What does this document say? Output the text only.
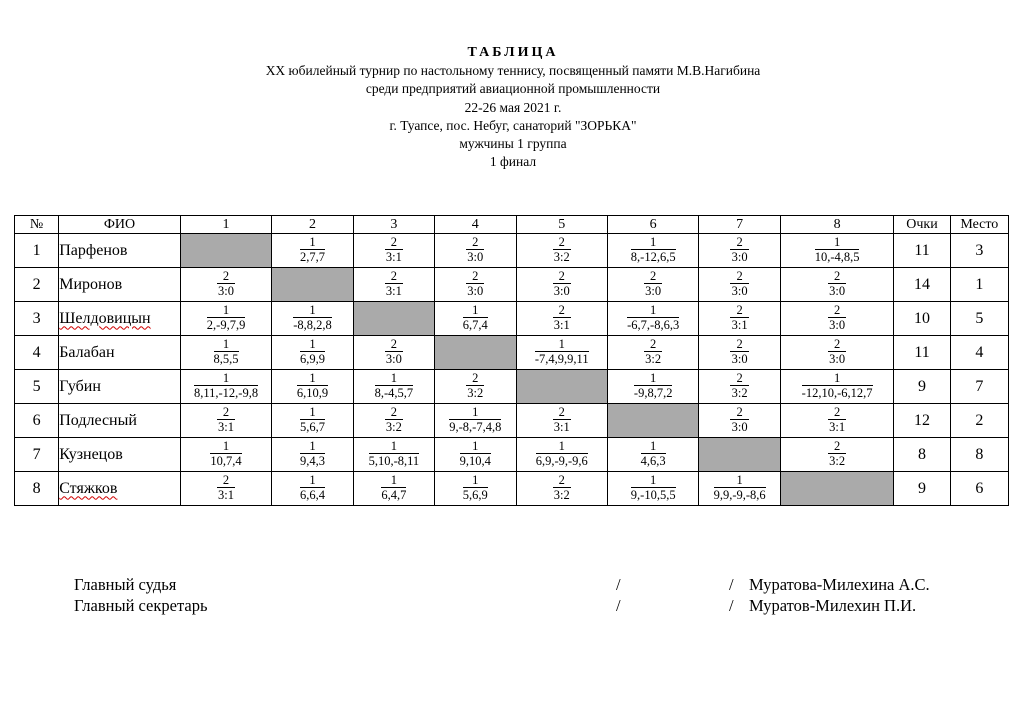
ТАБЛИЦА
XX юбилейный турнир по настольному теннису, посвященный памяти М.В.Нагибина
среди предприятий авиационной промышленности
22-26 мая 2021 г.
г. Туапсе, пос. Небуг, санаторий "ЗОРЬКА"
мужчины 1 группа
1 финал
№	ФИО	1	2	3	4	5	6	7	8	Очки	Место
1	Парфенов		$\frac{1}{2,7,7}$	$\frac{2}{3:1}$	$\frac{2}{3:0}$	$\frac{2}{3:2}$	$\frac{1}{8,-12,6,5}$	$\frac{2}{3:0}$	$\frac{1}{10,-4,8,5}$	11	3
2	Миронов	$\frac{2}{3:0}$		$\frac{2}{3:1}$	$\frac{2}{3:0}$	$\frac{2}{3:0}$	$\frac{2}{3:0}$	$\frac{2}{3:0}$	$\frac{2}{3:0}$	14	1
3	Шелдовицын	$\frac{1}{2,-9,7,9}$	$\frac{1}{-8,8,2,8}$		$\frac{1}{6,7,4}$	$\frac{2}{3:1}$	$\frac{1}{-6,7,-8,6,3}$	$\frac{2}{3:1}$	$\frac{2}{3:0}$	10	5
4	Балабан	$\frac{1}{8,5,5}$	$\frac{1}{6,9,9}$	$\frac{2}{3:0}$		$\frac{1}{-7,4,9,9,11}$	$\frac{2}{3:2}$	$\frac{2}{3:0}$	$\frac{2}{3:0}$	11	4
5	Губин	$\frac{1}{8,11,-12,-9,8}$	$\frac{1}{6,10,9}$	$\frac{1}{8,-4,5,7}$	$\frac{2}{3:2}$		$\frac{1}{-9,8,7,2}$	$\frac{2}{3:2}$	$\frac{1}{-12,10,-6,12,7}$	9	7
6	Подлесный	$\frac{2}{3:1}$	$\frac{1}{5,6,7}$	$\frac{2}{3:2}$	$\frac{1}{9,-8,-7,4,8}$	$\frac{2}{3:1}$		$\frac{2}{3:0}$	$\frac{2}{3:1}$	12	2
7	Кузнецов	$\frac{1}{10,7,4}$	$\frac{1}{9,4,3}$	$\frac{1}{5,10,-8,11}$	$\frac{1}{9,10,4}$	$\frac{1}{6,9,-9,-9,6}$	$\frac{1}{4,6,3}$		$\frac{2}{3:2}$	8	8
8	Стяжков	$\frac{2}{3:1}$	$\frac{1}{6,6,4}$	$\frac{1}{6,4,7}$	$\frac{1}{5,6,9}$	$\frac{2}{3:2}$	$\frac{1}{9,-10,5,5}$	$\frac{1}{9,9,-9,-8,6}$		9	6
Главный судья	/	/ Муратова-Милехина А.С.
Главный секретарь	/	/ Муратов-Милехин П.И.
